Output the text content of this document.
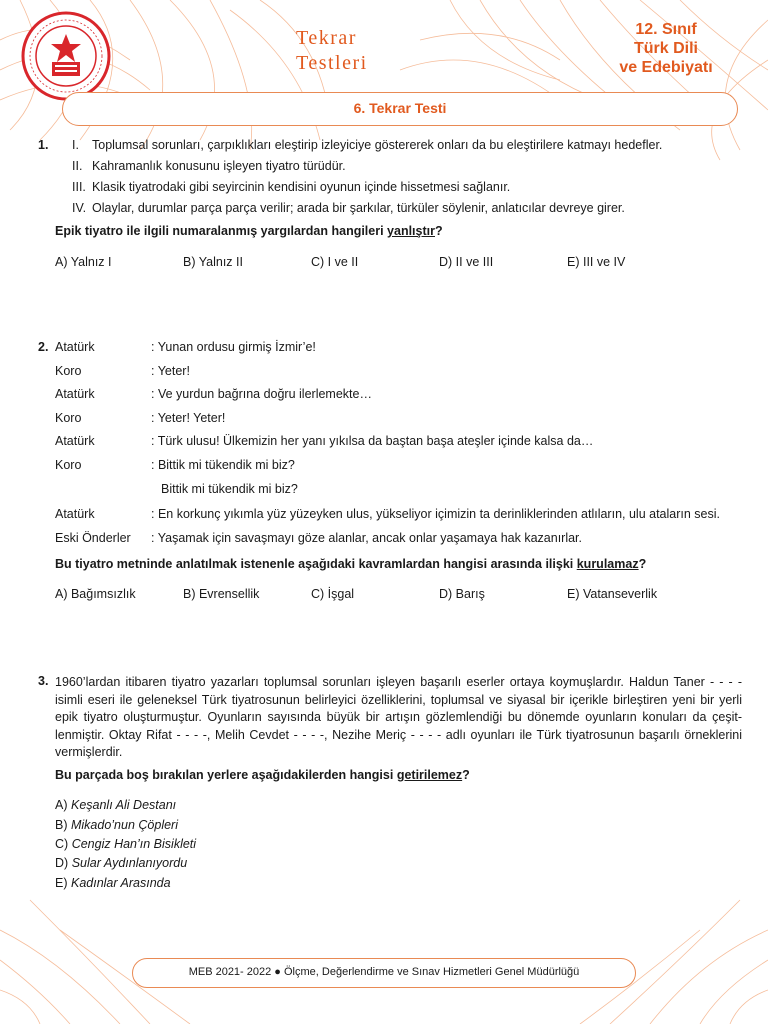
Tekrar
Testleri
12. Sınıf
Türk Dili
ve Edebiyatı
6. Tekrar Testi
1. I.	Toplumsal sorunları, çarpıklıkları eleştirip izleyiciye göstererek onları da bu eleştirilere katmayı hedefler.
II. Kahramanlık konusunu işleyen tiyatro türüdür.
III. Klasik tiyatrodaki gibi seyircinin kendisini oyunun içinde hissetmesi sağlanır.
IV. Olaylar, durumlar parça parça verilir; arada bir şarkılar, türküler söylenir, anlatıcılar devreye girer.
Epik tiyatro ile ilgili numaralanmış yargılardan hangileri yanlıştır?
A) Yalnız I	B) Yalnız II	C) I ve II	D) II ve III	E) III ve IV
2. Atatürk	: Yunan ordusu girmiş İzmir’e!
Koro	: Yeter!
Atatürk	: Ve yurdun bağrına doğru ilerlemekte…
Koro	: Yeter! Yeter!
Atatürk	: Türk ulusu! Ülkemizin her yanı yıkılsa da baştan başa ateşler içinde kalsa da…
Koro	: Bittik mi tükendik mi biz?
Bittik mi tükendik mi biz?
Atatürk	: En korkunç yıkımla yüz yüzeyken ulus, yükseliyor içimizin ta derinliklerinden atlıların, ulu ataların sesi.
Eski Önderler : Yaşamak için savaşmayı göze alanlar, ancak onlar yaşamaya hak kazanırlar.
Bu tiyatro metninde anlatılmak istenenle aşağıdaki kavramlardan hangisi arasında ilişki kurulamaz?
A) Bağımsızlık	B) Evrensellik	C) İşgal	D) Barış	E) Vatanseverlik
3. 1960’lardan itibaren tiyatro yazarları toplumsal sorunları işleyen başarılı eserler ortaya koymuşlardır. Haldun Taner - - - - isimli eseri ile geleneksel Türk tiyatrosunun belirleyici özelliklerini, toplumsal ve siyasal bir içerikle birleştiren yeni bir yerli epik tiyatro oluşturmuştur. Oyunların sayısında büyük bir artışın gözlemlendiği bu dönemde oyunların konuları da çeşit-lenmiştir. Oktay Rifat - - - -, Melih Cevdet - - - -, Nezihe Meriç - - - - adlı oyunları ile Türk tiyatrosunun başarılı örneklerini vermişlerdir.
Bu parçada boş bırakılan yerlere aşağıdakilerden hangisi getirilemez?
A) Keşanlı Ali Destanı
B) Mikado’nun Çöpleri
C) Cengiz Han’ın Bisikleti
D) Sular Aydınlanıyordu
E) Kadınlar Arasında
MEB 2021- 2022 ● Ölçme, Değerlendirme ve Sınav Hizmetleri Genel Müdürlüğü
